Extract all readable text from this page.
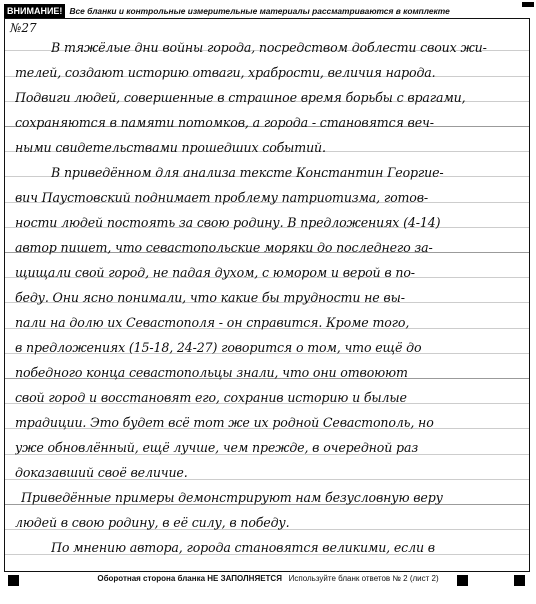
ВНИМАНИЕ! Все бланки и контрольные измерительные материалы рассматриваются в комплекте
№27
В тяжёлые дни войны города, посредством доблести своих жи-
телей, создают историю отваги, храбрости, величия народа.
Подвиги людей, совершенные в страшное время борьбы с врагами,
сохраняются в памяти потомков, а города - становятся веч-
ными свидетельствами прошедших событий.
В приведённом для анализа тексте Константин Георгие-
вич Паустовский поднимает проблему патриотизма, готов-
ности людей постоять за свою родину. В предложениях (4-14)
автор пишет, что севастопольские моряки до последнего за-
щищали свой город, не падая духом, с юмором и верой в по-
беду. Они ясно понимали, что какие бы трудности не вы-
пали на долю их Севастополя - он справится. Кроме того,
в предложениях (15-18, 24-27) говорится о том, что ещё до
победного конца севастопольцы знали, что они отвоюют
свой город и восстановят его, сохранив историю и былые
традиции. Это будет всё тот же их родной Севастополь, но
уже обновлённый, ещё лучше, чем прежде, в очередной раз
доказавший своё величие.
Приведённые примеры демонстрируют нам безусловную веру
людей в свою родину, в её силу, в победу.
По мнению автора, города становятся великими, если в
Оборотная сторона бланка НЕ ЗАПОЛНЯЕТСЯ Используйте бланк ответов № 2 (лист 2)
